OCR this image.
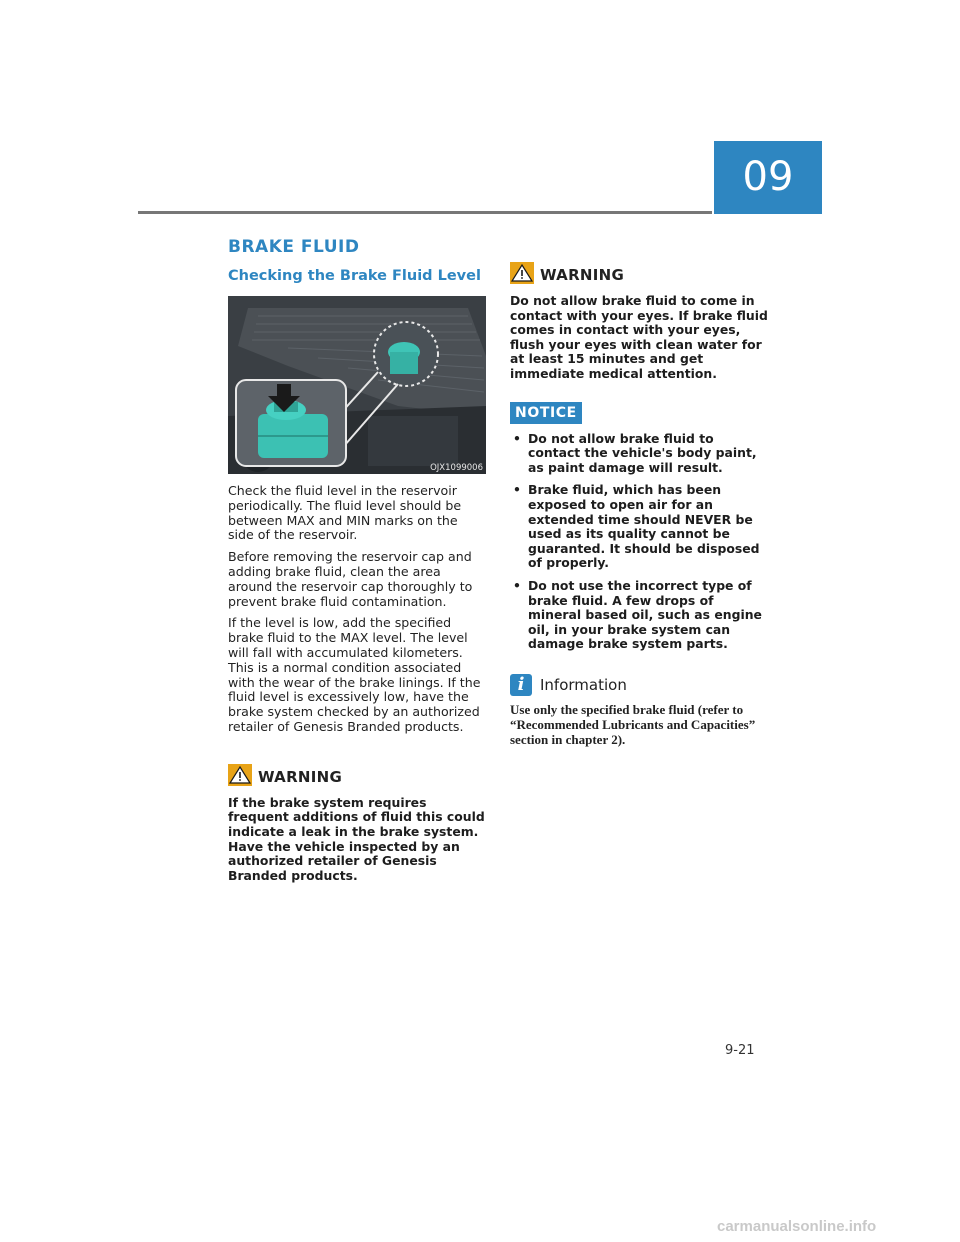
09
BRAKE FLUID
Checking the Brake Fluid Level
OJX1099006

Check the fluid level in the reservoir periodically. The fluid level should be between MAX and MIN marks on the side of the reservoir.

Before removing the reservoir cap and adding brake fluid, clean the area around the reservoir cap thoroughly to prevent brake fluid contamination.

If the level is low, add the specified brake fluid to the MAX level. The level will fall with accumulated kilometers. This is a normal condition associated with the wear of the brake linings. If the fluid level is excessively low, have the brake system checked by an authorized retailer of Genesis Branded products.

WARNING

If the brake system requires frequent additions of fluid this could indicate a leak in the brake system. Have the vehicle inspected by an authorized retailer of Genesis Branded products.

WARNING

Do not allow brake fluid to come in contact with your eyes. If brake fluid comes in contact with your eyes, flush your eyes with clean water for at least 15 minutes and get immediate medical attention.

NOTICE
• Do not allow brake fluid to contact the vehicle's body paint, as paint damage will result.
• Brake fluid, which has been exposed to open air for an extended time should NEVER be used as its quality cannot be guaranted. It should be disposed of properly.
• Do not use the incorrect type of brake fluid. A few drops of mineral based oil, such as engine oil, in your brake system can damage brake system parts.
i	Information

Use only the specified brake fluid (refer to “Recommended Lubricants and Capacities” section in chapter 2).

9-21
carmanualsonline.info
